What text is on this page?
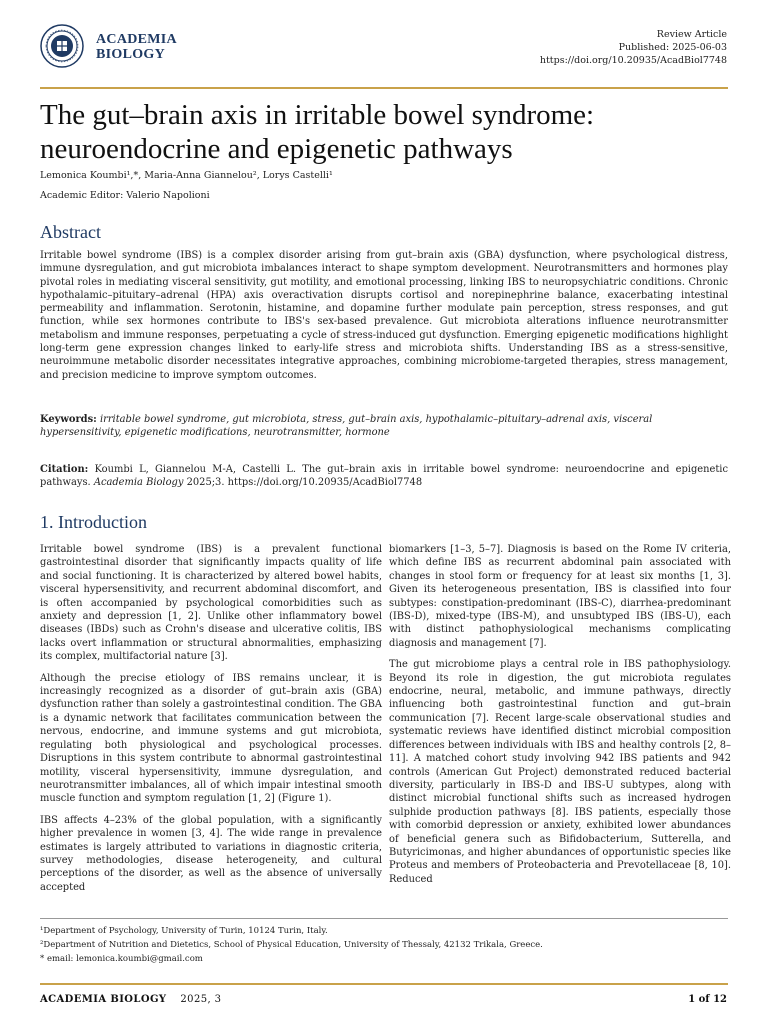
ACADEMIA
BIOLOGY
Review Article
Published: 2025-06-03
https://doi.org/10.20935/AcadBiol7748
The gut–brain axis in irritable bowel syndrome: neuroendocrine and epigenetic pathways
Lemonica Koumbi¹,*, Maria-Anna Giannelou², Lorys Castelli¹
Academic Editor: Valerio Napolioni
Abstract
Irritable bowel syndrome (IBS) is a complex disorder arising from gut–brain axis (GBA) dysfunction, where psychological distress, immune dysregulation, and gut microbiota imbalances interact to shape symptom development. Neurotransmitters and hormones play pivotal roles in mediating visceral sensitivity, gut motility, and emotional processing, linking IBS to neuropsychiatric conditions. Chronic hypothalamic–pituitary–adrenal (HPA) axis overactivation disrupts cortisol and norepinephrine balance, exacerbating intestinal permeability and inflammation. Serotonin, histamine, and dopamine further modulate pain perception, stress responses, and gut function, while sex hormones contribute to IBS's sex-based prevalence. Gut microbiota alterations influence neurotransmitter metabolism and immune responses, perpetuating a cycle of stress-induced gut dysfunction. Emerging epigenetic modifications highlight long-term gene expression changes linked to early-life stress and microbiota shifts. Understanding IBS as a stress-sensitive, neuroimmune metabolic disorder necessitates integrative approaches, combining microbiome-targeted therapies, stress management, and precision medicine to improve symptom outcomes.
Keywords: irritable bowel syndrome, gut microbiota, stress, gut–brain axis, hypothalamic–pituitary–adrenal axis, visceral hypersensitivity, epigenetic modifications, neurotransmitter, hormone
Citation: Koumbi L, Giannelou M-A, Castelli L. The gut–brain axis in irritable bowel syndrome: neuroendocrine and epigenetic pathways. Academia Biology 2025;3. https://doi.org/10.20935/AcadBiol7748
1. Introduction

Irritable bowel syndrome (IBS) is a prevalent functional gastrointestinal disorder that significantly impacts quality of life and social functioning. It is characterized by altered bowel habits, visceral hypersensitivity, and recurrent abdominal discomfort, and is often accompanied by psychological comorbidities such as anxiety and depression [1, 2]. Unlike other inflammatory bowel diseases (IBDs) such as Crohn's disease and ulcerative colitis, IBS lacks overt inflammation or structural abnormalities, emphasizing its complex, multifactorial nature [3].

Although the precise etiology of IBS remains unclear, it is increasingly recognized as a disorder of gut–brain axis (GBA) dysfunction rather than solely a gastrointestinal condition. The GBA is a dynamic network that facilitates communication between the nervous, endocrine, and immune systems and gut microbiota, regulating both physiological and psychological processes. Disruptions in this system contribute to abnormal gastrointestinal motility, visceral hypersensitivity, immune dysregulation, and neurotransmitter imbalances, all of which impair intestinal smooth muscle function and symptom regulation [1, 2] (Figure 1).

IBS affects 4–23% of the global population, with a significantly higher prevalence in women [3, 4]. The wide range in prevalence estimates is largely attributed to variations in diagnostic criteria, survey methodologies, disease heterogeneity, and cultural perceptions of the disorder, as well as the absence of universally accepted

biomarkers [1–3, 5–7]. Diagnosis is based on the Rome IV criteria, which define IBS as recurrent abdominal pain associated with changes in stool form or frequency for at least six months [1, 3]. Given its heterogeneous presentation, IBS is classified into four subtypes: constipation-predominant (IBS-C), diarrhea-predominant (IBS-D), mixed-type (IBS-M), and unsubtyped IBS (IBS-U), each with distinct pathophysiological mechanisms complicating diagnosis and management [7].

The gut microbiome plays a central role in IBS pathophysiology. Beyond its role in digestion, the gut microbiota regulates endocrine, neural, metabolic, and immune pathways, directly influencing both gastrointestinal function and gut–brain communication [7]. Recent large-scale observational studies and systematic reviews have identified distinct microbial composition differences between individuals with IBS and healthy controls [2, 8–11]. A matched cohort study involving 942 IBS patients and 942 controls (American Gut Project) demonstrated reduced bacterial diversity, particularly in IBS-D and IBS-U subtypes, along with distinct microbial functional shifts such as increased hydrogen sulphide production pathways [8]. IBS patients, especially those with comorbid depression or anxiety, exhibited lower abundances of beneficial genera such as Bifidobacterium, Sutterella, and Butyricimonas, and higher abundances of opportunistic species like Proteus and members of Proteobacteria and Prevotellaceae [8, 10]. Reduced

¹Department of Psychology, University of Turin, 10124 Turin, Italy.
²Department of Nutrition and Dietetics, School of Physical Education, University of Thessaly, 42132 Trikala, Greece.
* email: lemonica.koumbi@gmail.com
ACADEMIA BIOLOGY 2025, 3	1 of 12
